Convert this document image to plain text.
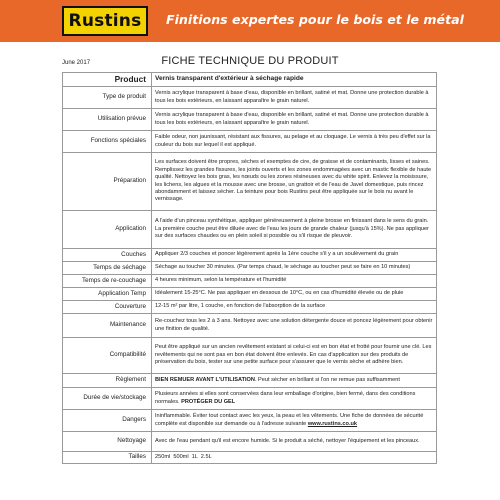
Rustins Finitions expertes pour le bois et le métal
June 2017	FICHE TECHNIQUE DU PRODUIT
Product	Vernis transparent d'extérieur à séchage rapide
Type de produit	Vernis acrylique transparent à base d'eau, disponible en brillant, satiné et mat. Donne une protection durable à tous les bois extérieurs, en laissant apparaître le grain naturel.
Utilisation prévue	Vernis acrylique transparent à base d'eau, disponible en brillant, satiné et mat. Donne une protection durable à tous les bois extérieurs, en laissant apparaître le grain naturel.
Fonctions spéciales	Faible odeur, non jaunissant, résistant aux fissures, au pelage et au cloquage. Le vernis à très peu d'effet sur la couleur du bois sur lequel il est appliqué.
Préparation	Les surfaces doivent être propres, sèches et exemptes de cire, de graisse et de contaminants, lisses et saines. Remplissez les grandes fissures, les joints ouverts et les zones endommagées avec un mastic flexible de haute qualité. Nettoyez les bois gras, les nœuds ou les zones résineuses avec du white spirit. Enlevez la moisissure, les lichens, les algues et la mousse avec une brosse, un grattoir et de l'eau de Javel domestique, puis rincez abondamment et laissez sécher. La teinture pour bois Rustins peut être appliquée sur le bois nu avant le vernissage.
Application	A l'aide d'un pinceau synthétique, appliquer généreusement à pleine brosse en finissant dans le sens du grain. La première couche peut être diluée avec de l'eau les jours de grande chaleur (jusqu'à 15%). Ne pas appliquer sur des surfaces chaudes ou en plein soleil si possible ou s'il risque de pleuvoir.
Couches	Appliquer 2/3 couches et poncer légèrement après la 1ère couche s'il y a un soulèvement du grain
Temps de séchage	Séchage au toucher 30 minutes. (Par temps chaud, le séchage au toucher peut se faire en 10 minutes)
Temps de re-couchage	4 heures minimum, selon la température et l'humidité
Application Temp	Idéalement 15-25°C. Ne pas appliquer en dessous de 10°C, ou en cas d'humidité élevée ou de pluie
Couverture	12-15 m² par litre, 1 couche, en fonction de l'absorption de la surface
Maintenance	Re-couchez tous les 2 à 3 ans. Nettoyez avec une solution détergente douce et poncez légèrement pour obtenir une finition de qualité.
Compatibilité	Peut être appliqué sur un ancien revêtement existant si celui-ci est en bon état et frotté pour fournir une clé. Les revêtements qui ne sont pas en bon état doivent être enlevés. En cas d'application sur des produits de préservation du bois, tester sur une petite surface pour s'assurer que le vernis sèche et adhère bien.
Règlement	BIEN REMUER AVANT L'UTILISATION. Peut sécher en brillant si l'on ne remue pas suffisamment
Durée de vie/stockage	Plusieurs années si elles sont conservées dans leur emballage d'origine, bien fermé, dans des conditions normales. PROTÉGER DU GEL
Dangers	Ininflammable. Éviter tout contact avec les yeux, la peau et les vêtements. Une fiche de données de sécurité complète est disponible sur demande ou à l'adresse suivante www.rustins.co.uk
Nettoyage	Avec de l'eau pendant qu'il est encore humide. Si le produit a séché, nettoyer l'équipement et les pinceaux.
Tailles	250ml  500ml  1L  2.5L
